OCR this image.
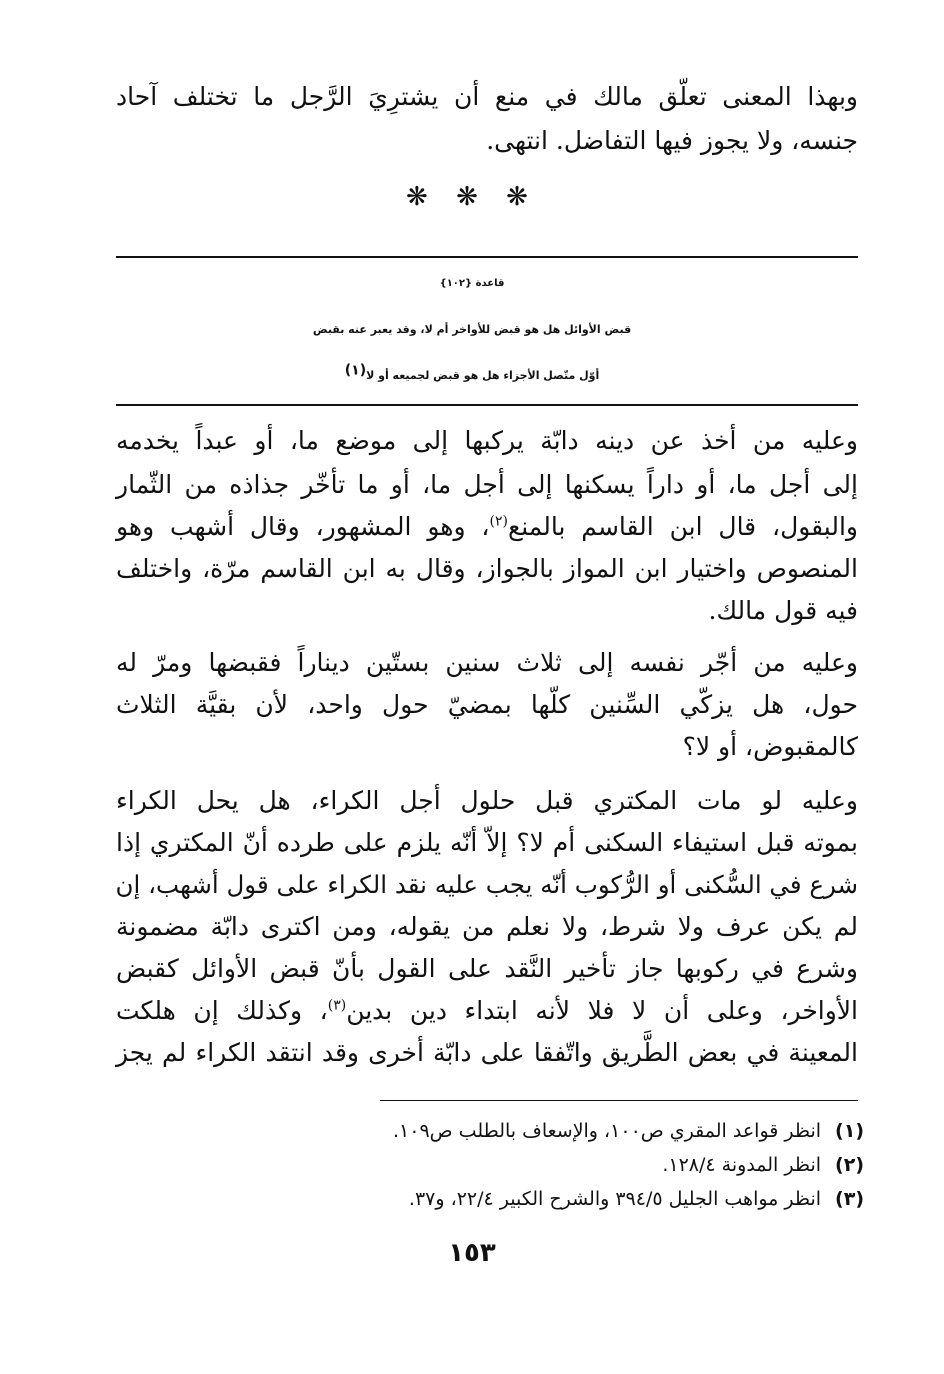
وبهذا المعنى تعلّق مالك في منع أن يشترِيَ الرَّجل ما تختلف آحاد
جنسه، ولا يجوز فيها التفاضل. انتهى.
❋ ❋ ❋
قاعدة {١٠٢}
قبض الأوائل هل هو قبض للأواخر أم لا، وقد يعبر عنه بقبض
أوّل متّصل الأجزاء هل هو قبض لجميعه أو لا$^{(١)}$
وعليه من أخذ عن دينه دابّة يركبها إلى موضع ما، أو عبداً يخدمه
إلى أجل ما، أو داراً يسكنها إلى أجل ما، أو ما تأخّر جذاذه من الثّمار
والبقول، قال ابن القاسم بالمنع$^{(٢)}$، وهو المشهور، وقال أشهب وهو
المنصوص واختيار ابن المواز بالجواز، وقال به ابن القاسم مرّة، واختلف
فيه قول مالك.
وعليه من أجّر نفسه إلى ثلاث سنين بستّين ديناراً فقبضها ومرّ له
حول، هل يزكّي السِّنين كلّها بمضيّ حول واحد، لأن بقيَّة الثلاث
كالمقبوض، أو لا؟
وعليه لو مات المكتري قبل حلول أجل الكراء، هل يحل الكراء
بموته قبل استيفاء السكنى أم لا؟ إلاّ أنّه يلزم على طرده أنّ المكتري إذا
شرع في السُّكنى أو الرُّكوب أنّه يجب عليه نقد الكراء على قول أشهب، إن
لم يكن عرف ولا شرط، ولا نعلم من يقوله، ومن اكترى دابّة مضمونة
وشرع في ركوبها جاز تأخير النَّقد على القول بأنّ قبض الأوائل كقبض
الأواخر، وعلى أن لا فلا لأنه ابتداء دين بدين$^{(٣)}$، وكذلك إن هلكت
المعينة في بعض الطَّريق واتّفقا على دابّة أخرى وقد انتقد الكراء لم يجز
(١)انظر قواعد المقري ص١٠٠، والإسعاف بالطلب ص١٠٩.
(٢)انظر المدونة ١٢٨/٤.
(٣)انظر مواهب الجليل ٣٩٤/٥ والشرح الكبير ٢٢/٤، و٣٧.
١٥٣
